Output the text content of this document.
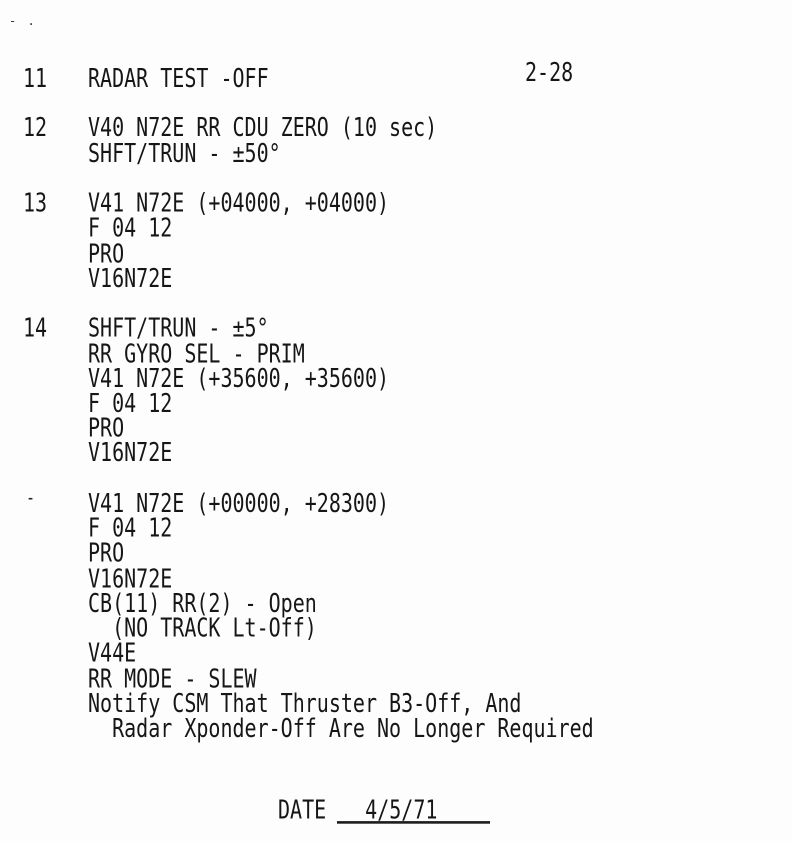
- .
2-28
11 RADAR TEST -OFF
12 V40 N72E RR CDU ZERO (10 sec)
SHFT/TRUN - ±50°
13 V41 N72E (+04000, +04000)
F 04 12
PRO
V16N72E
14 SHFT/TRUN - ±5°
RR GYRO SEL - PRIM
V41 N72E (+35600, +35600)
F 04 12
PRO
V16N72E
-	V41 N72E (+00000, +28300)
F 04 12
PRO
V16N72E
CB(11) RR(2) - Open
(NO TRACK Lt-Off)
V44E
RR MODE - SLEW
Notify CSM That Thruster B3-Off, And
Radar Xponder-Off Are No Longer Required
DATE 4/5/71
